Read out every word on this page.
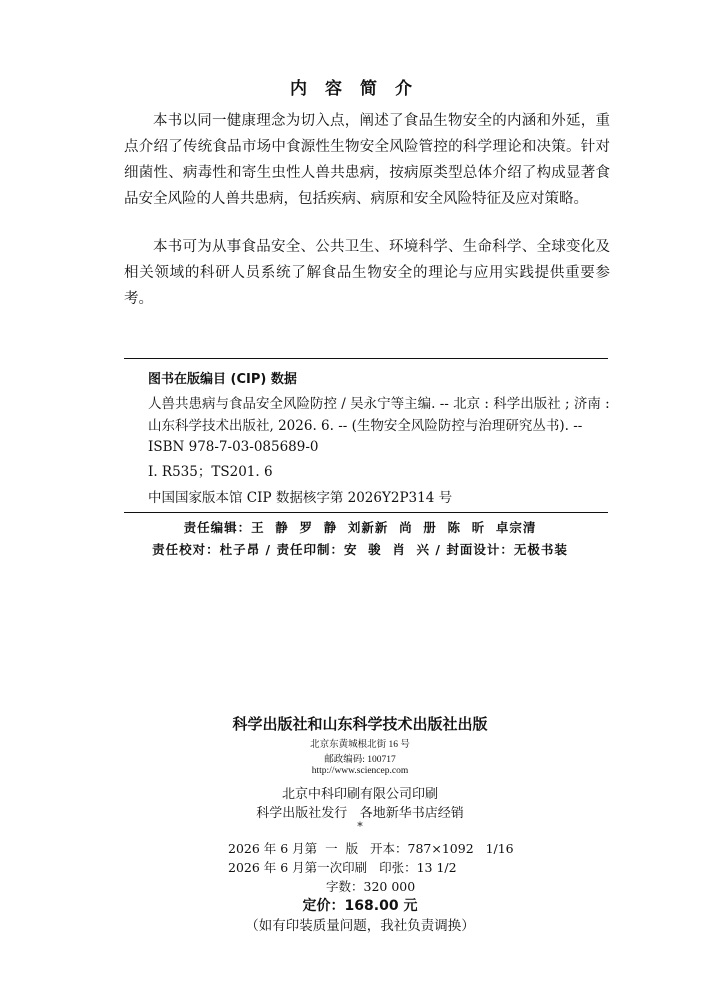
内容简介
本书以同一健康理念为切入点，阐述了食品生物安全的内涵和外延，重点介绍了传统食品市场中食源性生物安全风险管控的科学理论和决策。针对细菌性、病毒性和寄生虫性人兽共患病，按病原类型总体介绍了构成显著食品安全风险的人兽共患病，包括疾病、病原和安全风险特征及应对策略。
本书可为从事食品安全、公共卫生、环境科学、生命科学、全球变化及相关领域的科研人员系统了解食品生物安全的理论与应用实践提供重要参考。
图书在版编目 (CIP) 数据
人兽共患病与食品安全风险防控 / 吴永宁等主编. -- 北京 : 科学出版社 ; 济南 : 山东科学技术出版社, 2026. 6. -- (生物安全风险防控与治理研究丛书). -- ISBN 978-7-03-085689-0
Ⅰ. R535；TS201. 6
中国国家版本馆 CIP 数据核字第 2026Y2P314 号
责任编辑：王  静  罗  静  刘新新  尚  册  陈  昕  卓宗清
责任校对：杜子昂 / 责任印制：安  骏  肖  兴 / 封面设计：无极书装
科学出版社和山东科学技术出版社出版
北京东黄城根北街 16 号
邮政编码: 100717
http://www.sciencep.com
北京中科印刷有限公司印刷
科学出版社发行   各地新华书店经销
*
2026 年 6 月第  一  版   开本：787×1092   1/16
2026 年 6 月第一次印刷   印张：13 1/2
字数：320 000
定价：168.00 元
（如有印装质量问题，我社负责调换）
